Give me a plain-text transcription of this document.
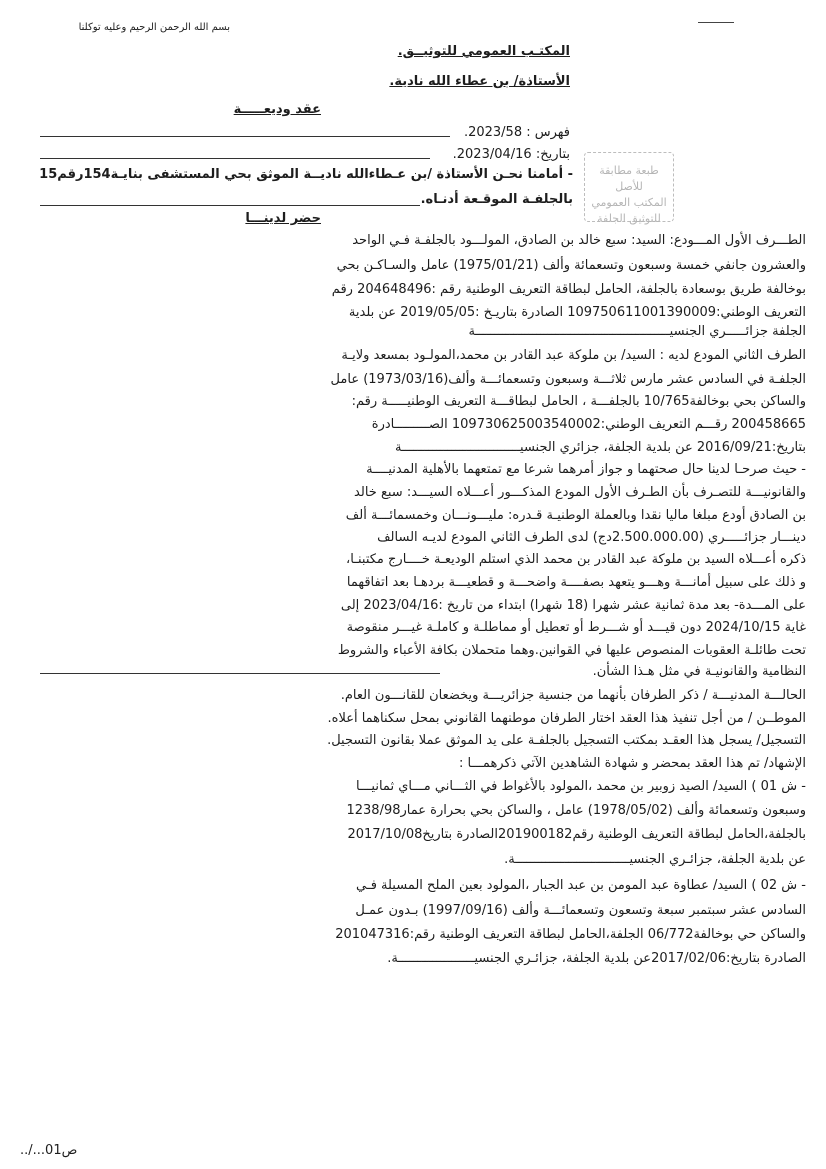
بسم الله الرحمن الرحيم وعليه توكلنا
المكتـب العمومي للتوثيــق.
الأستاذة/ بن عطاء الله نادية.
عقد وديعـــــة
فهرس : 2023/58.
بتاريخ: 2023/04/16.
- أمامنا نحـن الأستاذة /بن عـطاءالله ناديــة الموثق بحي المستشفى بنايـة154رقم15
بالجلفـة الموقـعة أدنـاه.
طبعة مطابقة للأصل
المكتب العمومي
للتوثيق الجلفة
حضر لدينـــا
الطـــرف الأول المـــودع: السيد: سبع خالد بن الصادق، المولـــود بالجلفـة فـي الواحد
والعشرون جانفي خمسة وسبعون وتسعمائة وألف (1975/01/21) عامل والسـاكـن بحي
بوخالفة طريق بوسعادة بالجلفة، الحامل لبطاقة التعريف الوطنية رقم :204648496 رقم
التعريف الوطني:109750611001390009 الصادرة بتاريـخ :2019/05/05 عن بلدية
الجلفة جزائـــــري الجنسيـــــــــــــــــــــــــــــــــــــــــــــــــــة
الطرف الثاني المودع لديه : السيد/ بن ملوكة عبد القادر بن محمد،المولـود بمسعد ولايـة
الجلفـة في السادس عشر مارس ثلاثـــة وسبعون وتسعمائـــة وألف(1973/03/16) عامل
والساكن بحي بوخالفة10/765 بالجلفـــة ، الحامل لبطاقـــة التعريف الوطنيـــــة رقم:
200458665 رقـــم التعريف الوطني:109730625003540002 الصـــــــــادرة
بتاريخ:2016/09/21 عن بلدية الجلفة، جزائري الجنسيـــــــــــــــــــــــــــــــة
- حيث صرحـا لدينا حال صحتهما و جواز أمرهما شرعا مع تمتعهما بالأهلية المدنيــــة
والقانونيـــة للتصـرف بأن الطـرف الأول المودع المذكـــور أعـــلاه السيـــد: سبع خالد
بن الصادق أودع مبلغا ماليا نقدا وبالعملة الوطنيـة قـدره: مليـــونـــان وخمسمائـــة ألف
دينـــار جزائـــــري (2.500.000.00دج) لدى الطرف الثاني المودع لديـه السالف
ذكره أعـــلاه السيد بن ملوكة عبد القادر بن محمد الذي استلم الوديعـة خــــارج مكتبنـا،
و ذلك على سبيل أمانـــة وهـــو يتعهد بصفــــة واضحـــة و قطعيـــة بردهـا بعد اتفاقهما
على المـــدة- بعد مدة ثمانية عشر شهرا (18 شهرا) ابتداء من تاريخ :2023/04/16 إلى
غاية 2024/10/15 دون قيـــد أو شـــرط أو تعطيل أو مماطلـة و كاملـة غيـــر منقوصة
تحت طائلـة العقوبات المنصوص عليها في القوانين.وهما متحملان بكافة الأعباء والشروط
النظامية والقانونيـة في مثل هـذا الشأن.
الحالـــة المدنيـــة / ذكر الطرفان بأنهما من جنسية جزائريـــة ويخضعان للقانـــون العام.
الموطــن / من أجل تنفيذ هذا العقد اختار الطرفان موطنهما القانوني بمحل سكناهما أعلاه.
التسجيل/ يسجل هذا العقـد بمكتب التسجيل بالجلفـة على يد الموثق عملا بقانون التسجيل.
الإشهاد/ تم هذا العقد بمحضر و شهادة الشاهدين الآتي ذكرهمـــا :
- ش 01 ) السيد/ الصيد زوبير بن محمد ،المولود بالأغواط في الثـــاني مـــاي ثمانيـــا
وسبعون وتسعمائة وألف (1978/05/02) عامل ، والساكن بحي بحرارة عمار1238/98
بالجلفة،الحامل لبطاقة التعريف الوطنية رقم201900182الصادرة بتاريخ2017/10/08
عن بلدية الجلفة، جزائـري الجنسيــــــــــــــــــــــــــــــة.
- ش 02 ) السيد/ عطاوة عبد المومن بن عبد الجبار ،المولود بعين الملح المسيلة فـي
السادس عشر سبتمبر سبعة وتسعون وتسعمائـــة وألف (1997/09/16) بـدون عمـل
والساكن حي بوخالفة06/772 الجلفة،الحامل لبطاقة التعريف الوطنية رقم:201047316
الصادرة بتاريخ:2017/02/06عن بلدية الجلفة، جزائـري الجنسيــــــــــــــــــــة.
ص01.../..
